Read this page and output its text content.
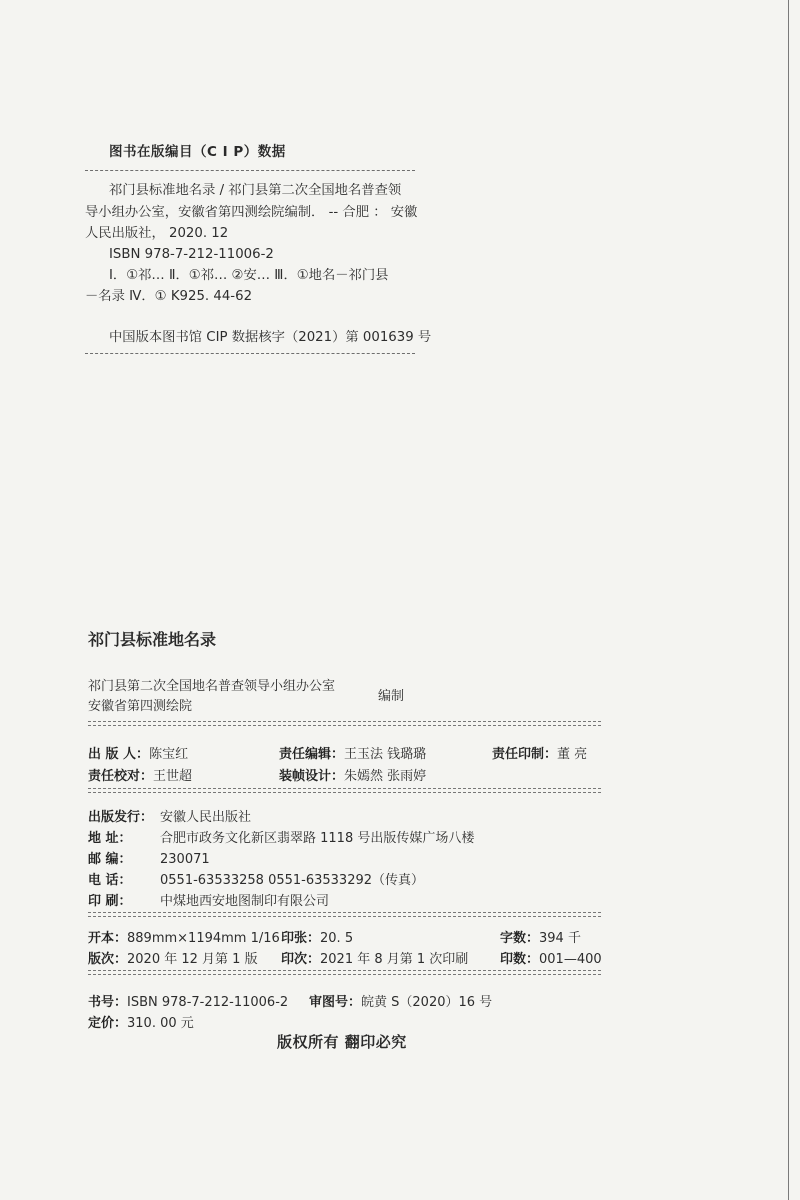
图书在版编目（C I P）数据
祁门县标准地名录 / 祁门县第二次全国地名普查领
导小组办公室，安徽省第四测绘院编制． -- 合肥 ： 安徽
人民出版社， 2020. 12
ISBN 978-7-212-11006-2
Ⅰ．①祁… Ⅱ．①祁… ②安… Ⅲ．①地名－祁门县
－名录 Ⅳ．① K925. 44-62
中国版本图书馆 CIP 数据核字（2021）第 001639 号
祁门县标准地名录
祁门县第二次全国地名普查领导小组办公室
安徽省第四测绘院
编制
出 版 人：陈宝红	责任编辑：王玉法 钱璐璐	责任印制：董 亮
责任校对：王世超	装帧设计：朱嫣然 张雨婷
出版发行： 安徽人民出版社
地 址： 合肥市政务文化新区翡翠路 1118 号出版传媒广场八楼
邮 编： 230071
电 话： 0551-63533258 0551-63533292（传真）
印 刷： 中煤地西安地图制印有限公司
开本：889mm×1194mm 1/16 印张：20. 5	字数：394 千
版次：2020 年 12 月第 1 版 印次：2021 年 8 月第 1 次印刷 印数：001—400
书号：ISBN 978-7-212-11006-2 审图号：皖黄 S（2020）16 号
定价：310. 00 元
版权所有 翻印必究
